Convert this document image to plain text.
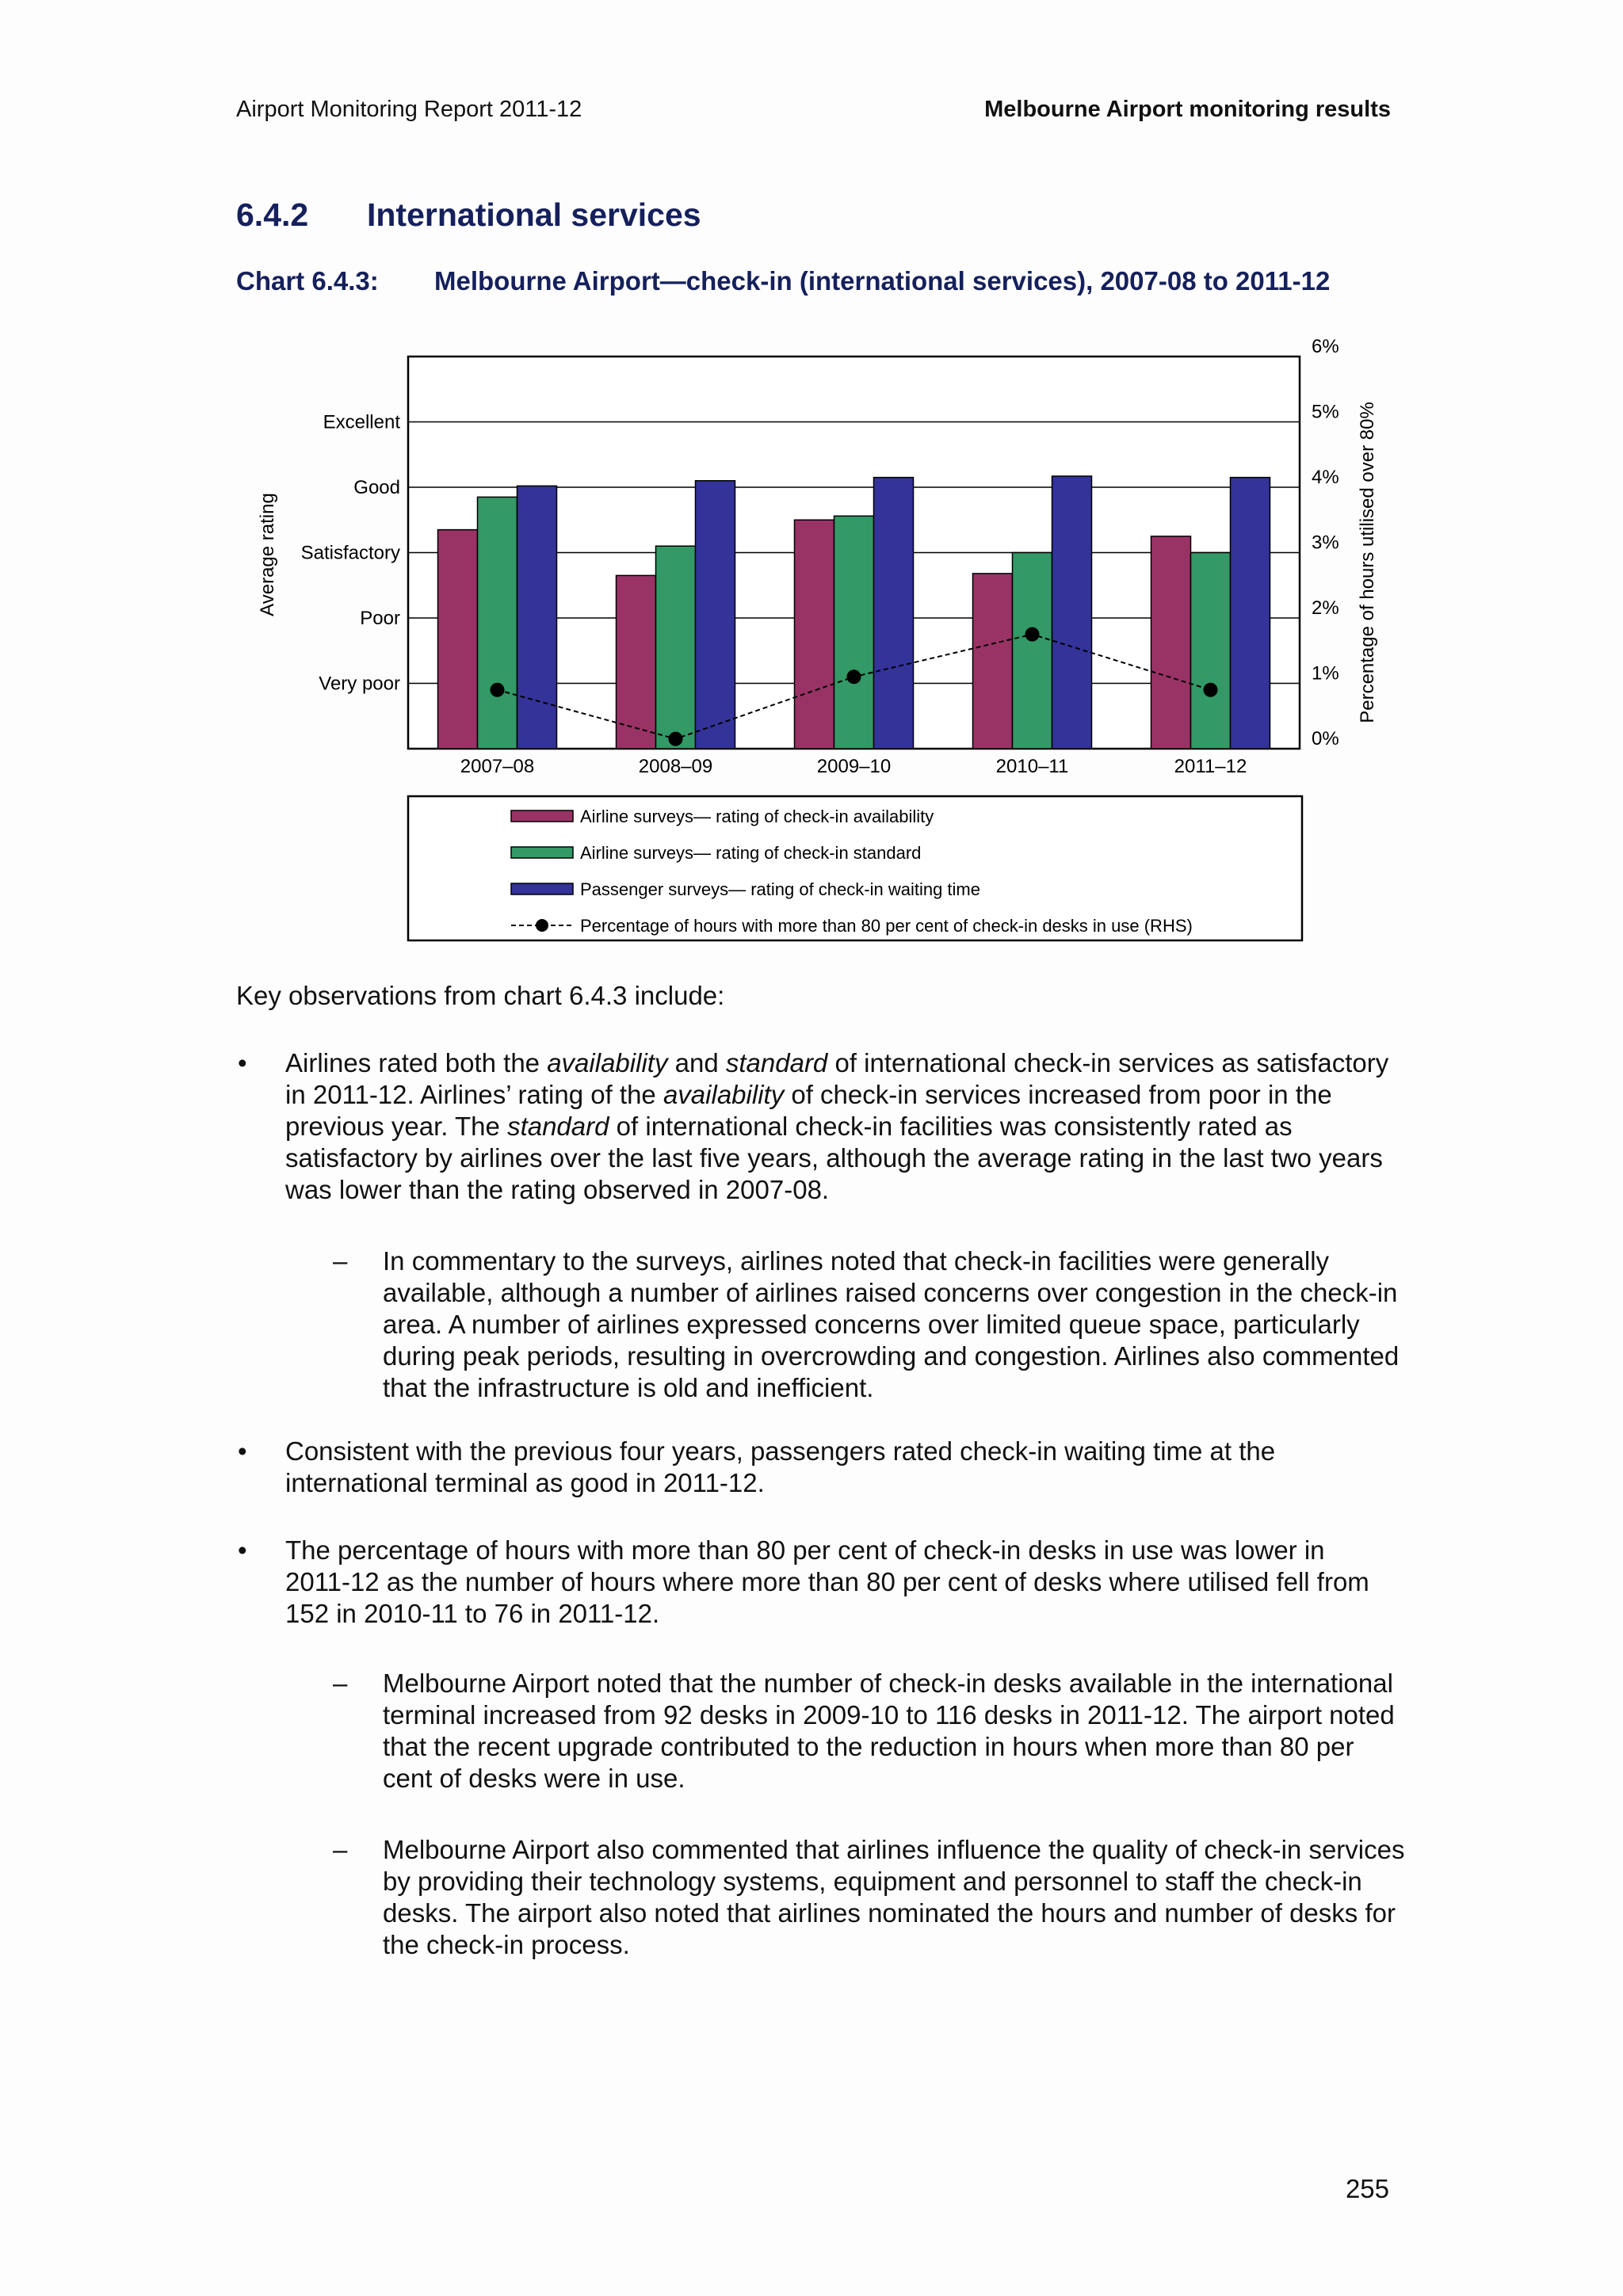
Airport Monitoring Report 2011-12	Melbourne Airport monitoring results
6.4.2 International services
Chart 6.4.3: Melbourne Airport—check-in (international services), 2007-08 to 2011-12
Very poor
Poor
Satisfactory
Good
Excellent
0%
1%
2%
3%
4%
5%
6%
2007–08	2008–09	2009–10	2010–11	2011–12
Average rating	Percentage of hours utilised over 80%
Airline surveys— rating of check-in availability
Airline surveys— rating of check-in standard
Passenger surveys— rating of check-in waiting time
Percentage of hours with more than 80 per cent of check-in desks in use (RHS)
Key observations from chart 6.4.3 include:
• Airlines rated both the availability and standard of international check-in services as satisfactory in 2011-12. Airlines’ rating of the availability of check-in services increased from poor in the previous year. The standard of international check-in facilities was consistently rated as satisfactory by airlines over the last five years, although the average rating in the last two years was lower than the rating observed in 2007-08.
– In commentary to the surveys, airlines noted that check-in facilities were generally available, although a number of airlines raised concerns over congestion in the check-in area. A number of airlines expressed concerns over limited queue space, particularly during peak periods, resulting in overcrowding and congestion. Airlines also commented that the infrastructure is old and inefficient.
• Consistent with the previous four years, passengers rated check-in waiting time at the international terminal as good in 2011-12.
• The percentage of hours with more than 80 per cent of check-in desks in use was lower in 2011-12 as the number of hours where more than 80 per cent of desks where utilised fell from 152 in 2010-11 to 76 in 2011-12.
– Melbourne Airport noted that the number of check-in desks available in the international terminal increased from 92 desks in 2009-10 to 116 desks in 2011-12. The airport noted that the recent upgrade contributed to the reduction in hours when more than 80 per cent of desks were in use.
– Melbourne Airport also commented that airlines influence the quality of check-in services by providing their technology systems, equipment and personnel to staff the check-in desks. The airport also noted that airlines nominated the hours and number of desks for the check-in process.
255
